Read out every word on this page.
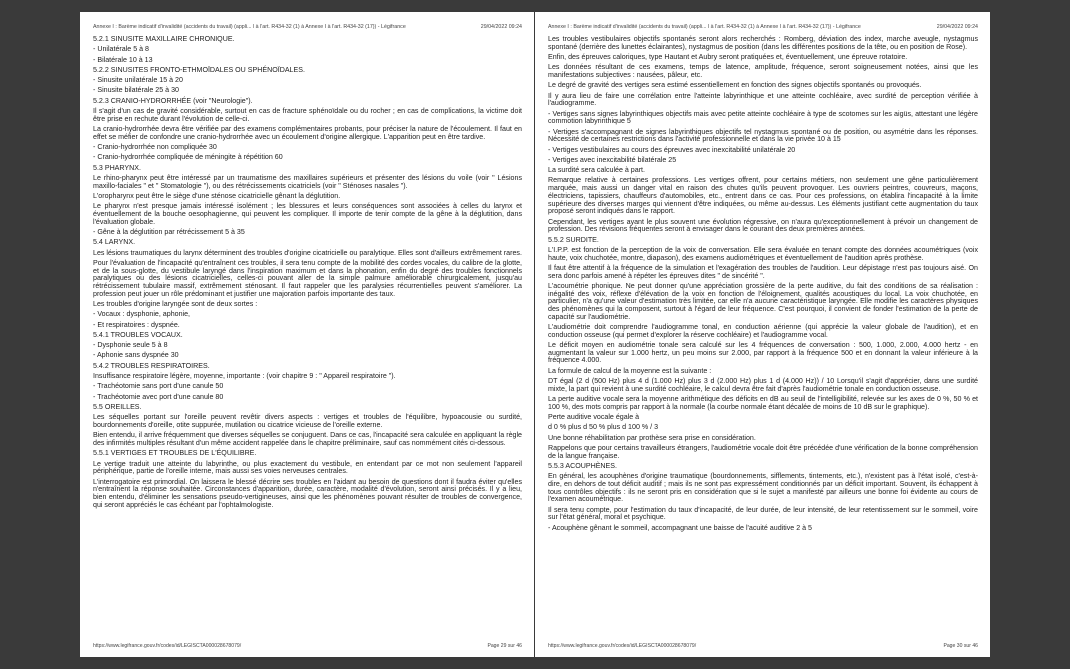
Annexe I : Barème indicatif d'invalidité (accidents du travail) (appli... l à l'art. R434-32 (1) à Annexe I à l'art. R434-32 (17)) - Légifrance	29/04/2022 09:24

5.2.1 SINUSITE MAXILLAIRE CHRONIQUE.

- Unilatérale 5 à 8

- Bilatérale 10 à 13

5.2.2 SINUSITES FRONTO-ETHMOÏDALES OU SPHÉNOÏDALES.

- Sinusite unilatérale 15 à 20

- Sinusite bilatérale 25 à 30

5.2.3 CRANIO-HYDRORRHÉE (voir "Neurologie").

Il s'agit d'un cas de gravité considérable, surtout en cas de fracture sphénoïdale ou du rocher ; en cas de complications, la victime doit être prise en rechute durant l'évolution de celle-ci.

La cranio-hydrorrhée devra être vérifiée par des examens complémentaires probants, pour préciser la nature de l'écoulement. Il faut en effet se méfier de confondre une cranio-hydrorrhée avec un écoulement d'origine allergique. L'apparition peut en être tardive.

- Cranio-hydrorrhée non compliquée 30

- Cranio-hydrorrhée compliquée de méningite à répétition 60

5.3 PHARYNX.

Le rhino-pharynx peut être intéressé par un traumatisme des maxillaires supérieurs et présenter des lésions du voile (voir " Lésions maxillo-faciales " et " Stomatologie "), ou des rétrécissements cicatriciels (voir " Sténoses nasales ").

L'oropharynx peut être le siège d'une sténose cicatricielle gênant la déglutition.

Le pharynx n'est presque jamais intéressé isolément ; les blessures et leurs conséquences sont associées à celles du larynx et éventuellement de la bouche oesophagienne, qui peuvent les compliquer. Il importe de tenir compte de la gêne à la déglutition, dans l'évaluation globale.

- Gêne à la déglutition par rétrécissement 5 à 35

5.4 LARYNX.

Les lésions traumatiques du larynx déterminent des troubles d'origine cicatricielle ou paralytique. Elles sont d'ailleurs extrêmement rares.

Pour l'évaluation de l'incapacité qu'entraînent ces troubles, il sera tenu compte de la mobilité des cordes vocales, du calibre de la glotte, et de la sous-glotte, du vestibule laryngé dans l'inspiration maximum et dans la phonation, enfin du degré des troubles fonctionnels paralytiques ou des lésions cicatricielles, celles-ci pouvant aller de la simple palmure améliorable chirurgicalement, jusqu'au rétrécissement tubulaire massif, extrêmement sténosant. Il faut rappeler que les paralysies récurrentielles peuvent s'améliorer. La profession peut jouer un rôle prédominant et justifier une majoration parfois importante des taux.

Les troubles d'origine laryngée sont de deux sortes :

- Vocaux : dysphonie, aphonie,

- Et respiratoires : dyspnée.

5.4.1 TROUBLES VOCAUX.

- Dysphonie seule 5 à 8

- Aphonie sans dyspnée 30

5.4.2 TROUBLES RESPIRATOIRES.

Insuffisance respiratoire légère, moyenne, importante : (voir chapitre 9 : " Appareil respiratoire ").

- Trachéotomie sans port d'une canule 50

- Trachéotomie avec port d'une canule 80

5.5 OREILLES.

Les séquelles portant sur l'oreille peuvent revêtir divers aspects : vertiges et troubles de l'équilibre, hypoacousie ou surdité, bourdonnements d'oreille, otite suppurée, mutilation ou cicatrice vicieuse de l'oreille externe.

Bien entendu, il arrive fréquemment que diverses séquelles se conjuguent. Dans ce cas, l'incapacité sera calculée en appliquant la règle des infirmités multiples résultant d'un même accident rappelée dans le chapitre préliminaire, sauf cas nommément cités ci-dessous.

5.5.1 VERTIGES ET TROUBLES DE L'ÉQUILIBRE.

Le vertige traduit une atteinte du labyrinthe, ou plus exactement du vestibule, en entendant par ce mot non seulement l'appareil périphérique, partie de l'oreille interne, mais aussi ses voies nerveuses centrales.

L'interrogatoire est primordial. On laissera le blessé décrire ses troubles en l'aidant au besoin de questions dont il faudra éviter qu'elles n'entraînent la réponse souhaitée. Circonstances d'apparition, durée, caractère, modalité d'évolution, seront ainsi précisés. Il y a lieu, bien entendu, d'éliminer les sensations pseudo-vertigineuses, ainsi que les phénomènes pouvant résulter de troubles de convergence, qui seront appréciés le cas échéant par l'ophtalmologiste.

https://www.legifrance.gouv.fr/codes/id/LEGISCTA000028678079/	Page 29 sur 46
Annexe I : Barème indicatif d'invalidité (accidents du travail) (appli... l à l'art. R434-32 (1) à Annexe I à l'art. R434-32 (17)) - Légifrance	29/04/2022 09:24

Les troubles vestibulaires objectifs spontanés seront alors recherchés : Romberg, déviation des index, marche aveugle, nystagmus spontané (derrière des lunettes éclairantes), nystagmus de position (dans les différentes positions de la tête, ou en position de Rose).

Enfin, des épreuves caloriques, type Hautant et Aubry seront pratiquées et, éventuellement, une épreuve rotatoire.

Les données résultant de ces examens, temps de latence, amplitude, fréquence, seront soigneusement notées, ainsi que les manifestations subjectives : nausées, pâleur, etc.

Le degré de gravité des vertiges sera estimé essentiellement en fonction des signes objectifs spontanés ou provoqués.

Il y aura lieu de faire une corrélation entre l'atteinte labyrinthique et une atteinte cochléaire, avec surdité de perception vérifiée à l'audiogramme.

- Vertiges sans signes labyrinthiques objectifs mais avec petite atteinte cochléaire à type de scotomes sur les aigüs, attestant une légère commotion labyrinthique 5

- Vertiges s'accompagnant de signes labyrinthiques objectifs tel nystagmus spontané ou de position, ou asymétrie dans les réponses. Nécessité de certaines restrictions dans l'activité professionnelle et dans la vie privée 10 à 15

- Vertiges vestibulaires au cours des épreuves avec inexcitabilité unilatérale 20

- Vertiges avec inexcitabilité bilatérale 25

La surdité sera calculée à part.

Remarque relative à certaines professions. Les vertiges offrent, pour certains métiers, non seulement une gêne particulièrement marquée, mais aussi un danger vital en raison des chutes qu'ils peuvent provoquer. Les ouvriers peintres, couvreurs, maçons, électriciens, tapissiers, chauffeurs d'automobiles, etc., entrent dans ce cas. Pour ces professions, on établira l'incapacité à la limite supérieure des diverses marges qui viennent d'être indiquées, ou même au-dessus. Les éléments justifiant cette augmentation du taux proposé seront indiqués dans le rapport.

Cependant, les vertiges ayant le plus souvent une évolution régressive, on n'aura qu'exceptionnellement à prévoir un changement de profession. Des révisions fréquentes seront à envisager dans le courant des deux premières années.

5.5.2 SURDITE.

L'I.P.P. est fonction de la perception de la voix de conversation. Elle sera évaluée en tenant compte des données acoumétriques (voix haute, voix chuchotée, montre, diapason), des examens audiométriques et éventuellement de l'audition après prothèse.

Il faut être attentif à la fréquence de la simulation et l'exagération des troubles de l'audition. Leur dépistage n'est pas toujours aisé. On sera donc parfois amené à répéter les épreuves dites " de sincérité ".

L'acoumétrie phonique. Ne peut donner qu'une appréciation grossière de la perte auditive, du fait des conditions de sa réalisation : inégalité des voix, réflexe d'élévation de la voix en fonction de l'éloignement, qualités acoustiques du local. La voix chuchotée, en particulier, n'a qu'une valeur d'estimation très limitée, car elle n'a aucune caractéristique laryngée. Elle modifie les caractères physiques des phénomènes qui la composent, surtout à l'égard de leur fréquence. C'est pourquoi, il convient de fonder l'estimation de la perte de capacité sur l'audiométrie.

L'audiométrie doit comprendre l'audiogramme tonal, en conduction aérienne (qui apprécie la valeur globale de l'audition), et en conduction osseuse (qui permet d'explorer la réserve cochléaire) et l'audiogramme vocal.

Le déficit moyen en audiométrie tonale sera calculé sur les 4 fréquences de conversation : 500, 1.000, 2.000, 4.000 hertz - en augmentant la valeur sur 1.000 hertz, un peu moins sur 2.000, par rapport à la fréquence 500 et en donnant la valeur inférieure à la fréquence 4.000.

La formule de calcul de la moyenne est la suivante :

DT égal (2 d (500 Hz) plus 4 d (1.000 Hz) plus 3 d (2.000 Hz) plus 1 d (4.000 Hz)) / 10 Lorsqu'il s'agit d'apprécier, dans une surdité mixte, la part qui revient à une surdité cochléaire, le calcul devra être fait d'après l'audiométrie tonale en conduction osseuse.

La perte auditive vocale sera la moyenne arithmétique des déficits en dB au seuil de l'intelligibilité, relevée sur les axes de 0 %, 50 % et 100 %, des mots compris par rapport à la normale (la courbe normale étant décalée de moins de 10 dB sur le graphique).

Perte auditive vocale égale à

d 0 % plus d 50 % plus d 100 % / 3

Une bonne réhabilitation par prothèse sera prise en considération.

Rappelons que pour certains travailleurs étrangers, l'audiométrie vocale doit être précédée d'une vérification de la bonne compréhension de la langue française.

5.5.3 ACOUPHÈNES.

En général, les acouphènes d'origine traumatique (bourdonnements, sifflements, tintements, etc.), n'existent pas à l'état isolé, c'est-à-dire, en dehors de tout déficit auditif ; mais ils ne sont pas expressément conditionnés par un déficit important. Souvent, ils échappent à tous contrôles objectifs : ils ne seront pris en considération que si le sujet a manifesté par ailleurs une bonne foi évidente au cours de l'examen acoumétrique.

Il sera tenu compte, pour l'estimation du taux d'incapacité, de leur durée, de leur intensité, de leur retentissement sur le sommeil, voire sur l'état général, moral et psychique.

- Acouphène gênant le sommeil, accompagnant une baisse de l'acuité auditive 2 à 5

https://www.legifrance.gouv.fr/codes/id/LEGISCTA000028678079/	Page 30 sur 46
